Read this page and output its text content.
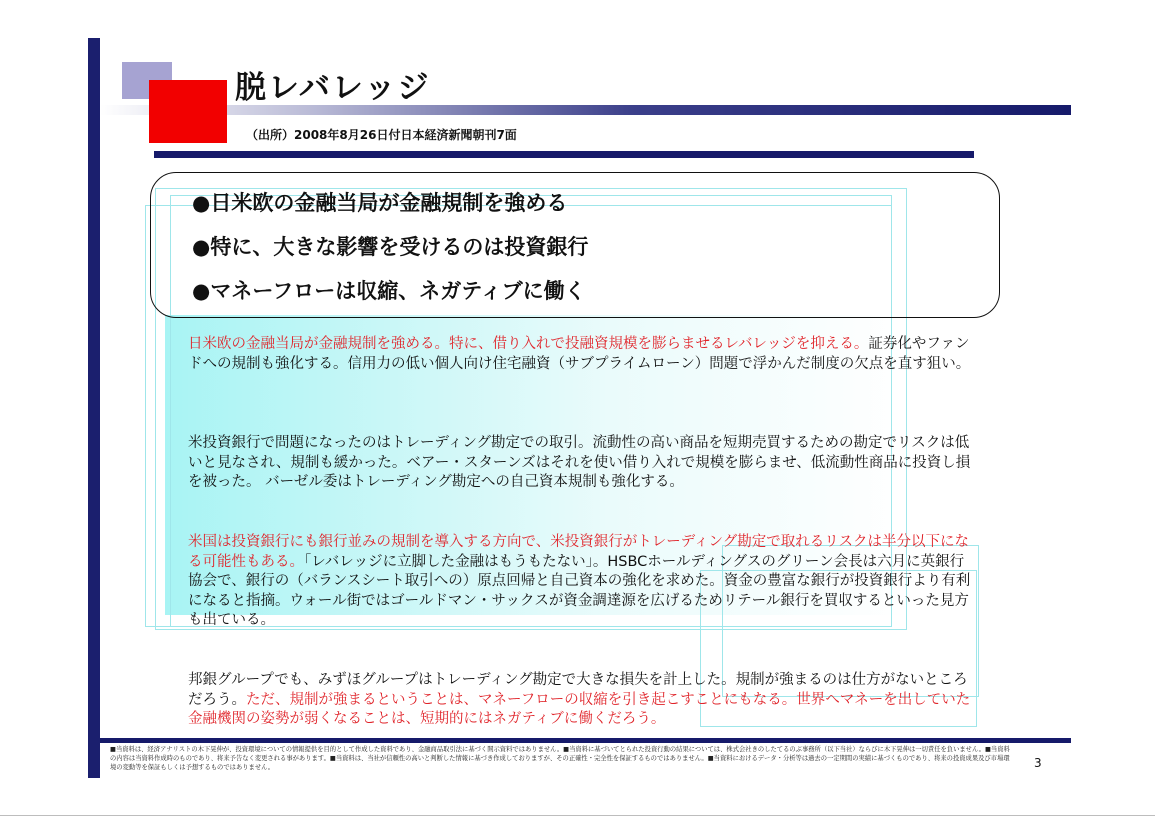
脱レバレッジ
（出所）2008年8月26日付日本経済新聞朝刊7面
●日米欧の金融当局が金融規制を強める
●特に、大きな影響を受けるのは投資銀行
●マネーフローは収縮、ネガティブに働く
日米欧の金融当局が金融規制を強める。特に、借り入れで投融資規模を膨らませるレバレッジを抑える。証券化やファンドへの規制も強化する。信用力の低い個人向け住宅融資（サブプライムローン）問題で浮かんだ制度の欠点を直す狙い。
米投資銀行で問題になったのはトレーディング勘定での取引。流動性の高い商品を短期売買するための勘定でリスクは低いと見なされ、規制も緩かった。ベアー・スターンズはそれを使い借り入れで規模を膨らませ、低流動性商品に投資し損を被った。 バーゼル委はトレーディング勘定への自己資本規制も強化する。
米国は投資銀行にも銀行並みの規制を導入する方向で、米投資銀行がトレーディング勘定で取れるリスクは半分以下になる可能性もある。「レバレッジに立脚した金融はもうもたない」。HSBCホールディングスのグリーン会長は六月に英銀行協会で、銀行の（バランスシート取引への）原点回帰と自己資本の強化を求めた。資金の豊富な銀行が投資銀行より有利になると指摘。ウォール街ではゴールドマン・サックスが資金調達源を広げるためリテール銀行を買収するといった見方も出ている。
邦銀グループでも、みずほグループはトレーディング勘定で大きな損失を計上した。規制が強まるのは仕方がないところだろう。ただ、規制が強まるということは、マネーフローの収縮を引き起こすことにもなる。世界へマネーを出していた金融機関の姿勢が弱くなることは、短期的にはネガティブに働くだろう。
■当資料は、経済アナリストの木下晃伸が、投資環境についての情報提供を目的として作成した資料であり、金融商品取引法に基づく開示資料ではありません。■当資料に基づいてとられた投資行動の結果については、株式会社きのしたてるのぶ事務所（以下当社）ならびに木下晃伸は一切責任を負いません。■当資料の内容は当資料作成時のものであり、将来予告なく変更される事があります。■当資料は、当社が信頼性の高いと判断した情報に基づき作成しておりますが、その正確性・完全性を保証するものではありません。■当資料におけるデータ・分析等は過去の一定期間の実績に基づくものであり、将来の投資成果及び市場環境の変動等を保証もしくは予想するものではありません。	3
